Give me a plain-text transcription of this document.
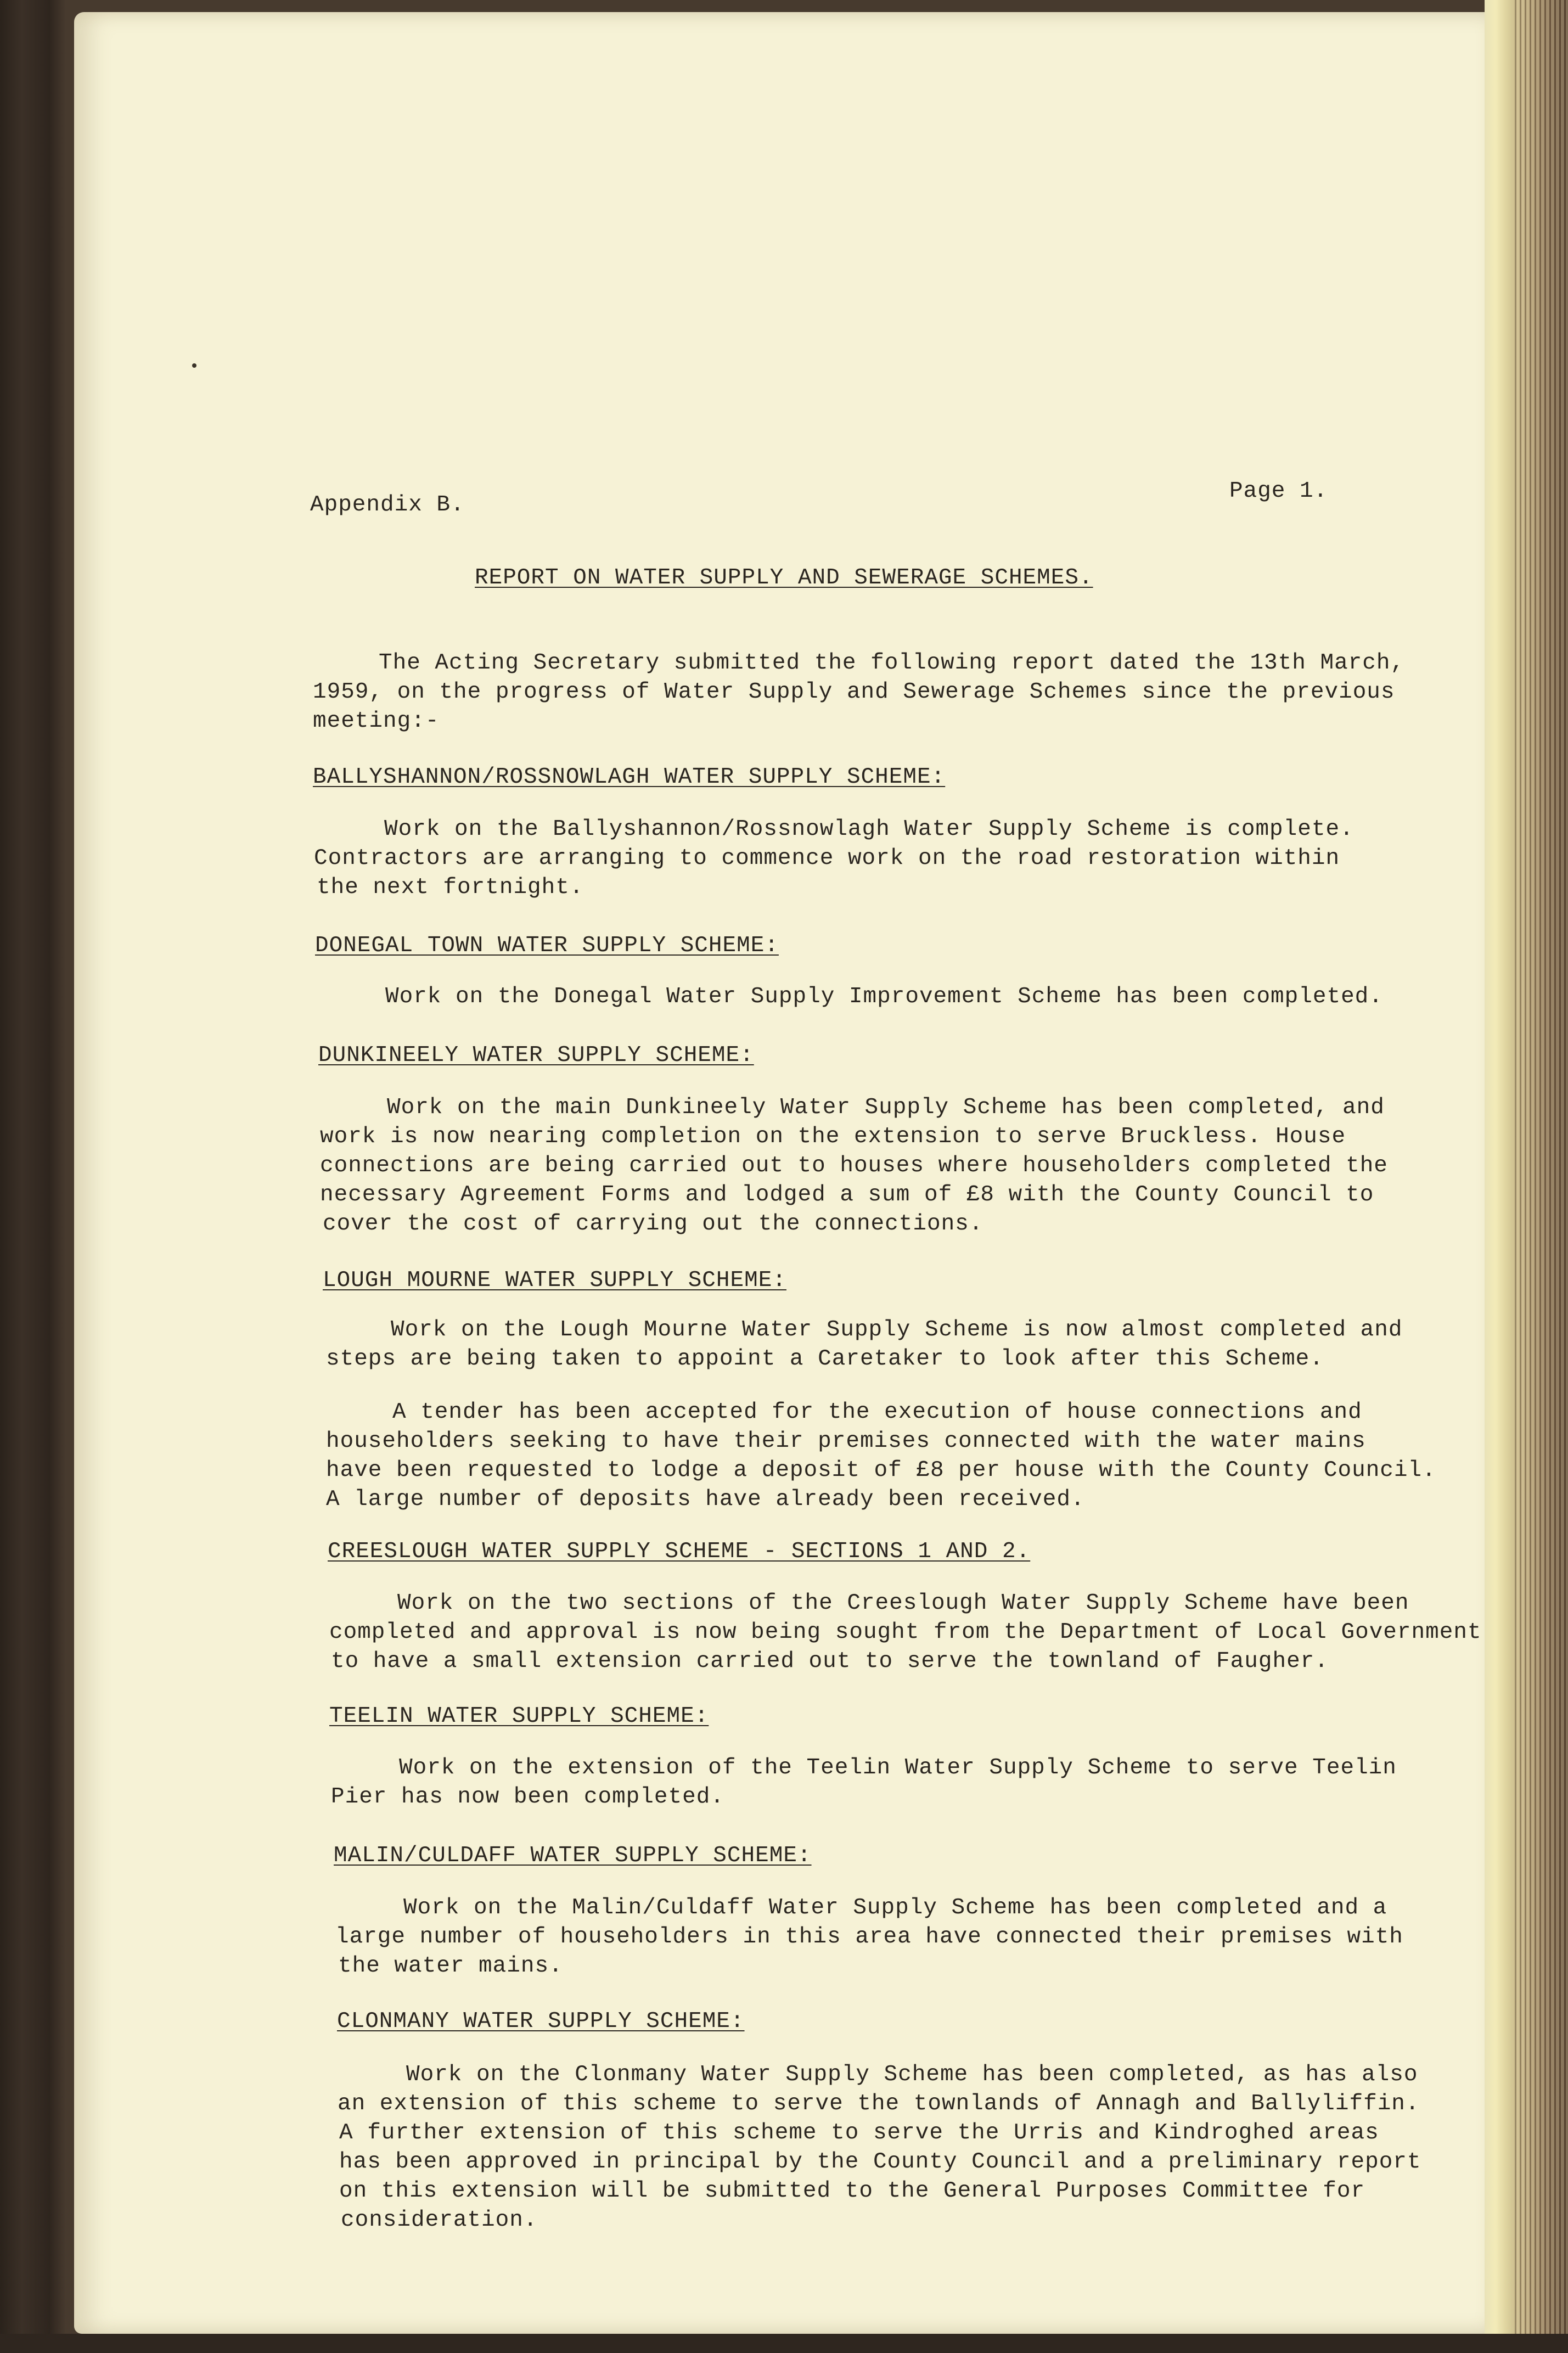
Appendix B.
Page 1.
REPORT ON WATER SUPPLY AND SEWERAGE SCHEMES.
The Acting Secretary submitted the following report dated the 13th March,
1959, on the progress of Water Supply and Sewerage Schemes since the previous
meeting:-
BALLYSHANNON/ROSSNOWLAGH WATER SUPPLY SCHEME:
Work on the Ballyshannon/Rossnowlagh Water Supply Scheme is complete.
Contractors are arranging to commence work on the road restoration within
the next fortnight.
DONEGAL TOWN WATER SUPPLY SCHEME:
Work on the Donegal Water Supply Improvement Scheme has been completed.
DUNKINEELY WATER SUPPLY SCHEME:
Work on the main Dunkineely Water Supply Scheme has been completed, and
work is now nearing completion on the extension to serve Bruckless. House
connections are being carried out to houses where householders completed the
necessary Agreement Forms and lodged a sum of £8 with the County Council to
cover the cost of carrying out the connections.
LOUGH MOURNE WATER SUPPLY SCHEME:
Work on the Lough Mourne Water Supply Scheme is now almost completed and
steps are being taken to appoint a Caretaker to look after this Scheme.
A tender has been accepted for the execution of house connections and
householders seeking to have their premises connected with the water mains
have been requested to lodge a deposit of £8 per house with the County Council.
A large number of deposits have already been received.
CREESLOUGH WATER SUPPLY SCHEME - SECTIONS 1 AND 2.
Work on the two sections of the Creeslough Water Supply Scheme have been
completed and approval is now being sought from the Department of Local Government
to have a small extension carried out to serve the townland of Faugher.
TEELIN WATER SUPPLY SCHEME:
Work on the extension of the Teelin Water Supply Scheme to serve Teelin
Pier has now been completed.
MALIN/CULDAFF WATER SUPPLY SCHEME:
Work on the Malin/Culdaff Water Supply Scheme has been completed and a
large number of householders in this area have connected their premises with
the water mains.
CLONMANY WATER SUPPLY SCHEME:
Work on the Clonmany Water Supply Scheme has been completed, as has also
an extension of this scheme to serve the townlands of Annagh and Ballyliffin.
A further extension of this scheme to serve the Urris and Kindroghed areas
has been approved in principal by the County Council and a preliminary report
on this extension will be submitted to the General Purposes Committee for
consideration.
